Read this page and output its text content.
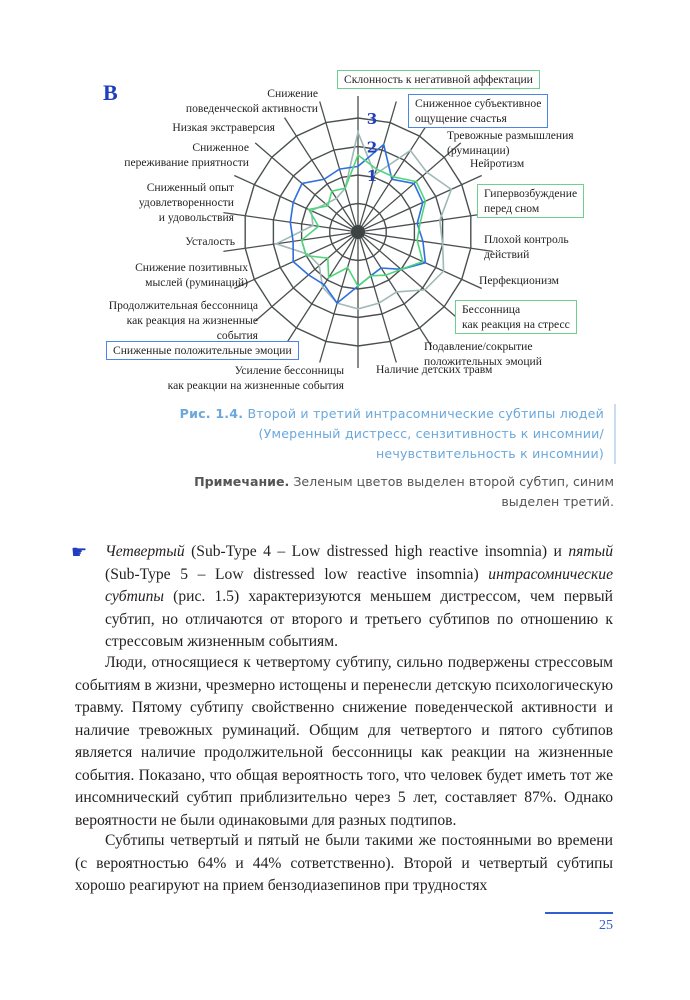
B
1
2
3
Склонность к негативной аффектации
Сниженное субъективное
ощущение счастья
Тревожные размышления
(руминации)
Нейротизм
Гипервозбуждение
перед сном
Плохой контроль
действий
Перфекционизм
Бессонница
как реакция на стресс
Подавление/сокрытие
положительных эмоций
Наличие детских травм
Усиление бессонницы
как реакции на жизненные события
Сниженные положительные эмоции
Продолжительная бессонница
как реакция на жизненные
события
Снижение позитивных
мыслей (руминаций)
Усталость
Сниженный опыт
удовлетворенности
и удовольствия
Сниженное
переживание приятности
Низкая экстраверсия
Снижение
поведенческой активности
Рис. 1.4. Второй и третий интрасомнические субтипы людей (Умеренный дистресс, сензитивность к инсомнии/нечувствительность к инсомнии)
Примечание. Зеленым цветов выделен второй субтип, синим выделен третий.
☛ Четвертый (Sub-Type 4 – Low distressed high reactive insomnia) и пятый (Sub-Type 5 – Low distressed low reactive insomnia) интрасомнические субтипы (рис. 1.5) характеризуются меньшем дистрессом, чем первый субтип, но отличаются от второго и третьего субтипов по отношению к стрессовым жизненным событиям.
Люди, относящиеся к четвертому субтипу, сильно подвержены стрессовым событиям в жизни, чрезмерно истощены и перенесли детскую психологическую травму. Пятому субтипу свойственно снижение поведенческой активности и наличие тревожных руминаций. Общим для четвертого и пятого субтипов является наличие продолжительной бессонницы как реакции на жизненные события. Показано, что общая вероятность того, что человек будет иметь тот же инсомнический субтип приблизительно через 5 лет, составляет 87%. Однако вероятности не были одинаковыми для разных подтипов.
Субтипы четвертый и пятый не были такими же постоянными во времени (с вероятностью 64% и 44% сответственно). Второй и четвертый субтипы хорошо реагируют на прием бензодиазепинов при трудностях
25
